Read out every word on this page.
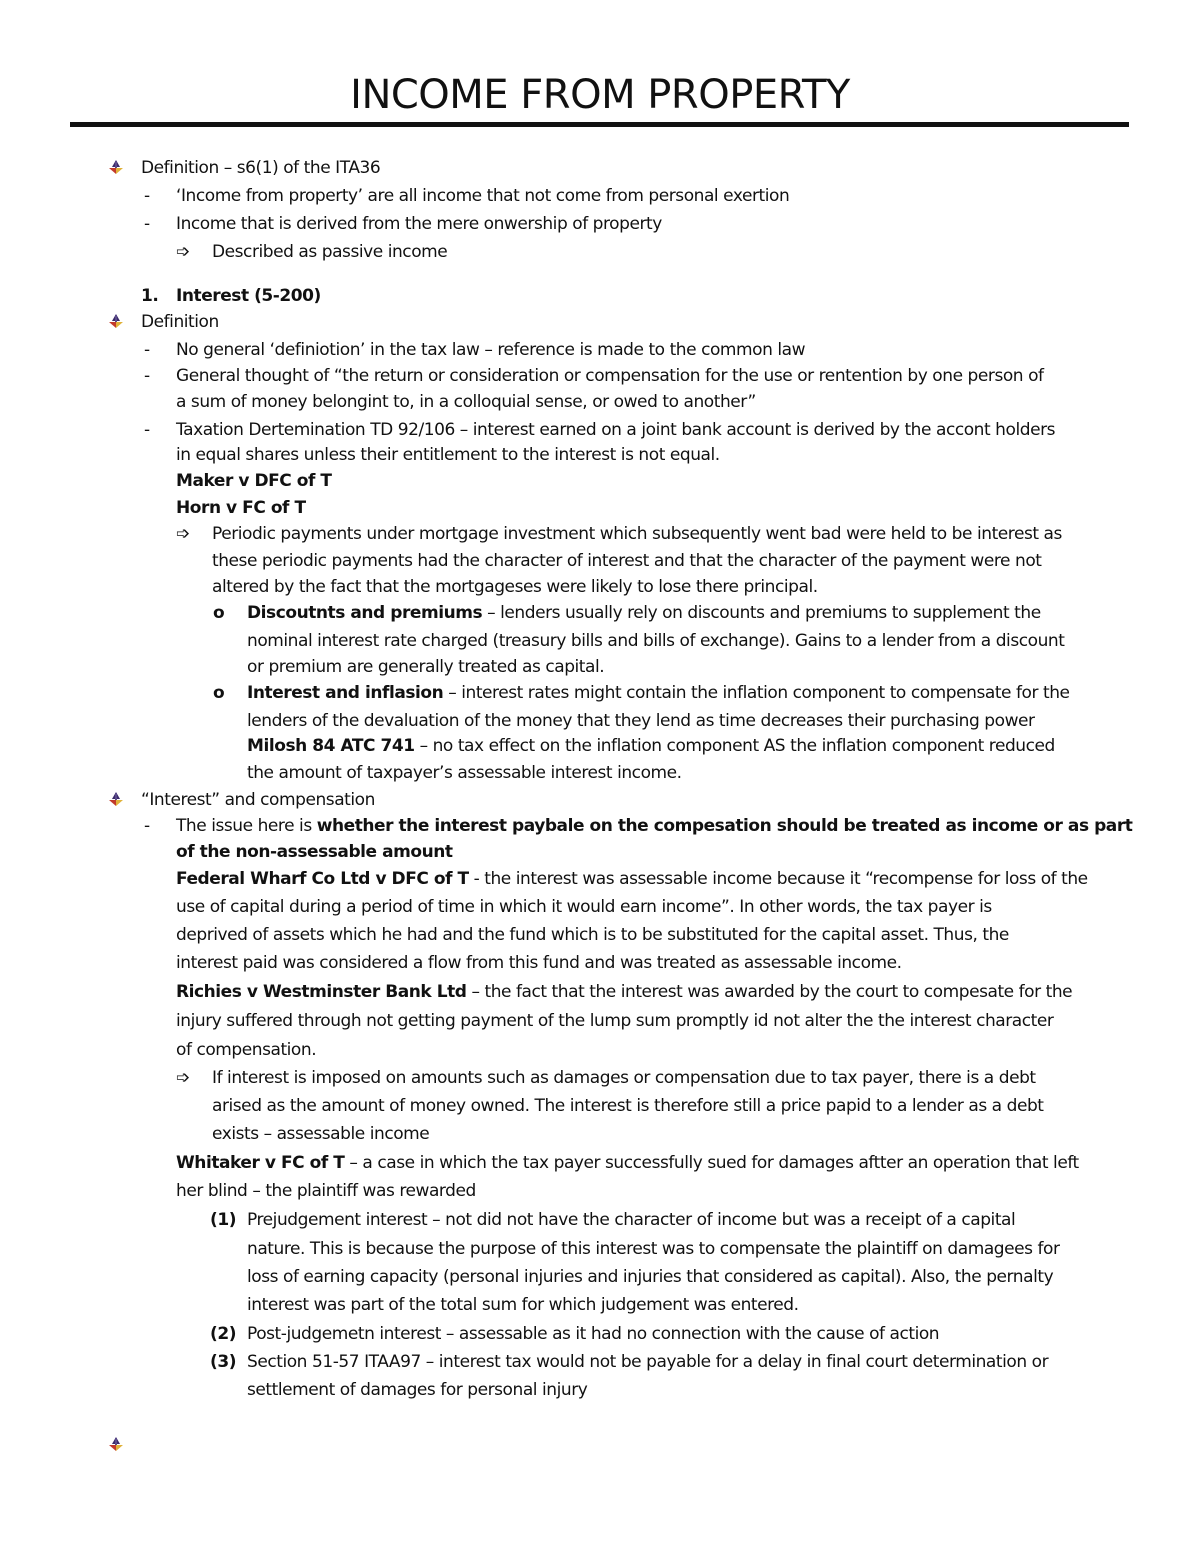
INCOME FROM PROPERTY
Definition – s6(1) of the ITA36
- ‘Income from property’ are all income that not come from personal exertion
- Income that is derived from the mere onwership of property
➩ Described as passive income
1. Interest (5-200)
Definition
- No general ‘definiotion’ in the tax law – reference is made to the common law
- General thought of “the return or consideration or compensation for the use or rentention by one person of
a sum of money belongint to, in a colloquial sense, or owed to another”
- Taxation Dertemination TD 92/106 – interest earned on a joint bank account is derived by the accont holders
in equal shares unless their entitlement to the interest is not equal.
Maker v DFC of T
Horn v FC of T
➩ Periodic payments under mortgage investment which subsequently went bad were held to be interest as
these periodic payments had the character of interest and that the character of the payment were not
altered by the fact that the mortgageses were likely to lose there principal.
o Discoutnts and premiums – lenders usually rely on discounts and premiums to supplement the
nominal interest rate charged (treasury bills and bills of exchange). Gains to a lender from a discount
or premium are generally treated as capital.
o Interest and inflasion – interest rates might contain the inflation component to compensate for the
lenders of the devaluation of the money that they lend as time decreases their purchasing power
Milosh 84 ATC 741 – no tax effect on the inflation component AS the inflation component reduced
the amount of taxpayer’s assessable interest income.
“Interest” and compensation
- The issue here is whether the interest paybale on the compesation should be treated as income or as part
of the non-assessable amount
Federal Wharf Co Ltd v DFC of T - the interest was assessable income because it “recompense for loss of the
use of capital during a period of time in which it would earn income”. In other words, the tax payer is
deprived of assets which he had and the fund which is to be substituted for the capital asset. Thus, the
interest paid was considered a flow from this fund and was treated as assessable income.
Richies v Westminster Bank Ltd – the fact that the interest was awarded by the court to compesate for the
injury suffered through not getting payment of the lump sum promptly id not alter the the interest character
of compensation.
➩ If interest is imposed on amounts such as damages or compensation due to tax payer, there is a debt
arised as the amount of money owned. The interest is therefore still a price papid to a lender as a debt
exists – assessable income
Whitaker v FC of T – a case in which the tax payer successfully sued for damages aftter an operation that left
her blind – the plaintiff was rewarded
(1) Prejudgement interest – not did not have the character of income but was a receipt of a capital
nature. This is because the purpose of this interest was to compensate the plaintiff on damagees for
loss of earning capacity (personal injuries and injuries that considered as capital). Also, the pernalty
interest was part of the total sum for which judgement was entered.
(2) Post-judgemetn interest – assessable as it had no connection with the cause of action
(3) Section 51-57 ITAA97 – interest tax would not be payable for a delay in final court determination or
settlement of damages for personal injury
